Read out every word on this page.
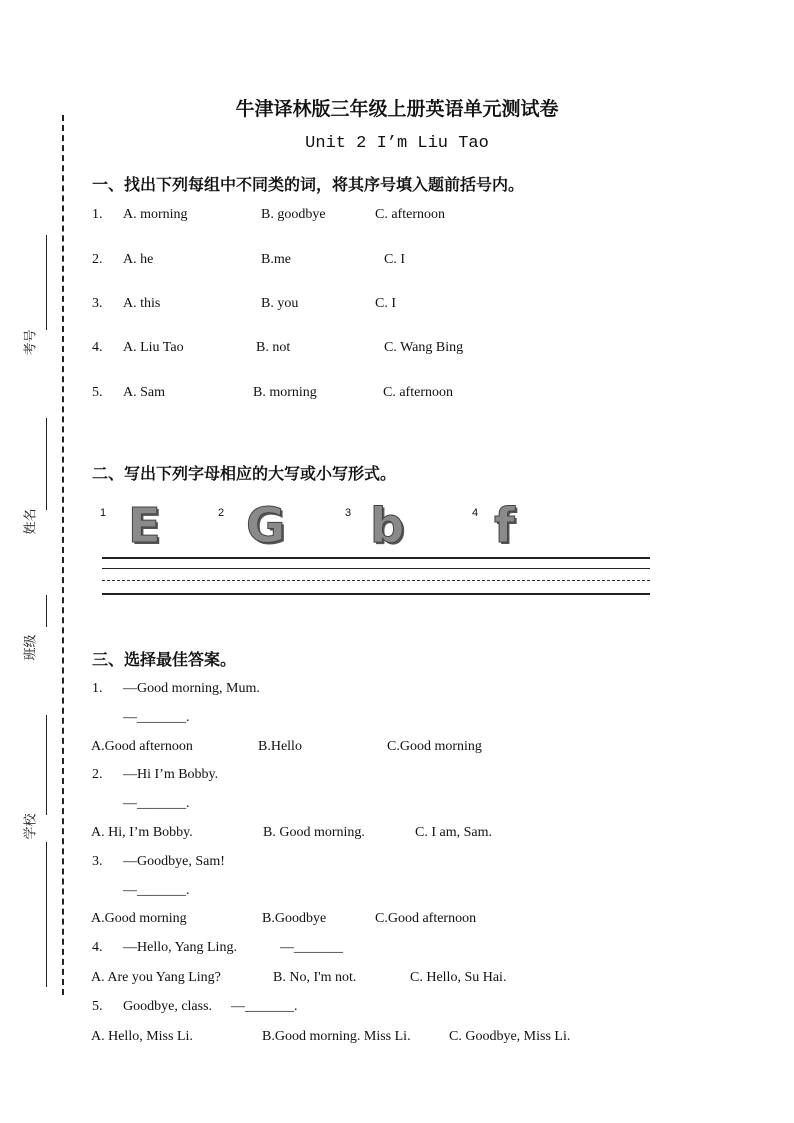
考号
姓名
班级
学校
牛津译林版三年级上册英语单元测试卷
Unit 2 I’m Liu Tao
一、找出下列每组中不同类的词，将其序号填入题前括号内。
1. A. morning	B. goodbye	C. afternoon
2. A. he	B.me	C. I
3. A. this	B. you	C. I
4. A. Liu Tao	B. not	C. Wang Bing
5. A. Sam	B. morning	C. afternoon
二、写出下列字母相应的大写或小写形式。
1 E	2 G	3 b	4 f
三、选择最佳答案。
1. —Good morning, Mum.
—_______.
A.Good afternoon	B.Hello	C.Good morning
2. —Hi I’m Bobby.
—_______.
A. Hi, I’m Bobby.	B. Good morning.	C. I am, Sam.
3. —Goodbye, Sam!
—_______.
A.Good morning	B.Goodbye	C.Good afternoon
4. —Hello, Yang Ling.	—_______
A. Are you Yang Ling?	B. No, I'm not.	C. Hello, Su Hai.
5. Goodbye, class. —_______.
A. Hello, Miss Li.	B.Good morning. Miss Li.	C. Goodbye, Miss Li.
